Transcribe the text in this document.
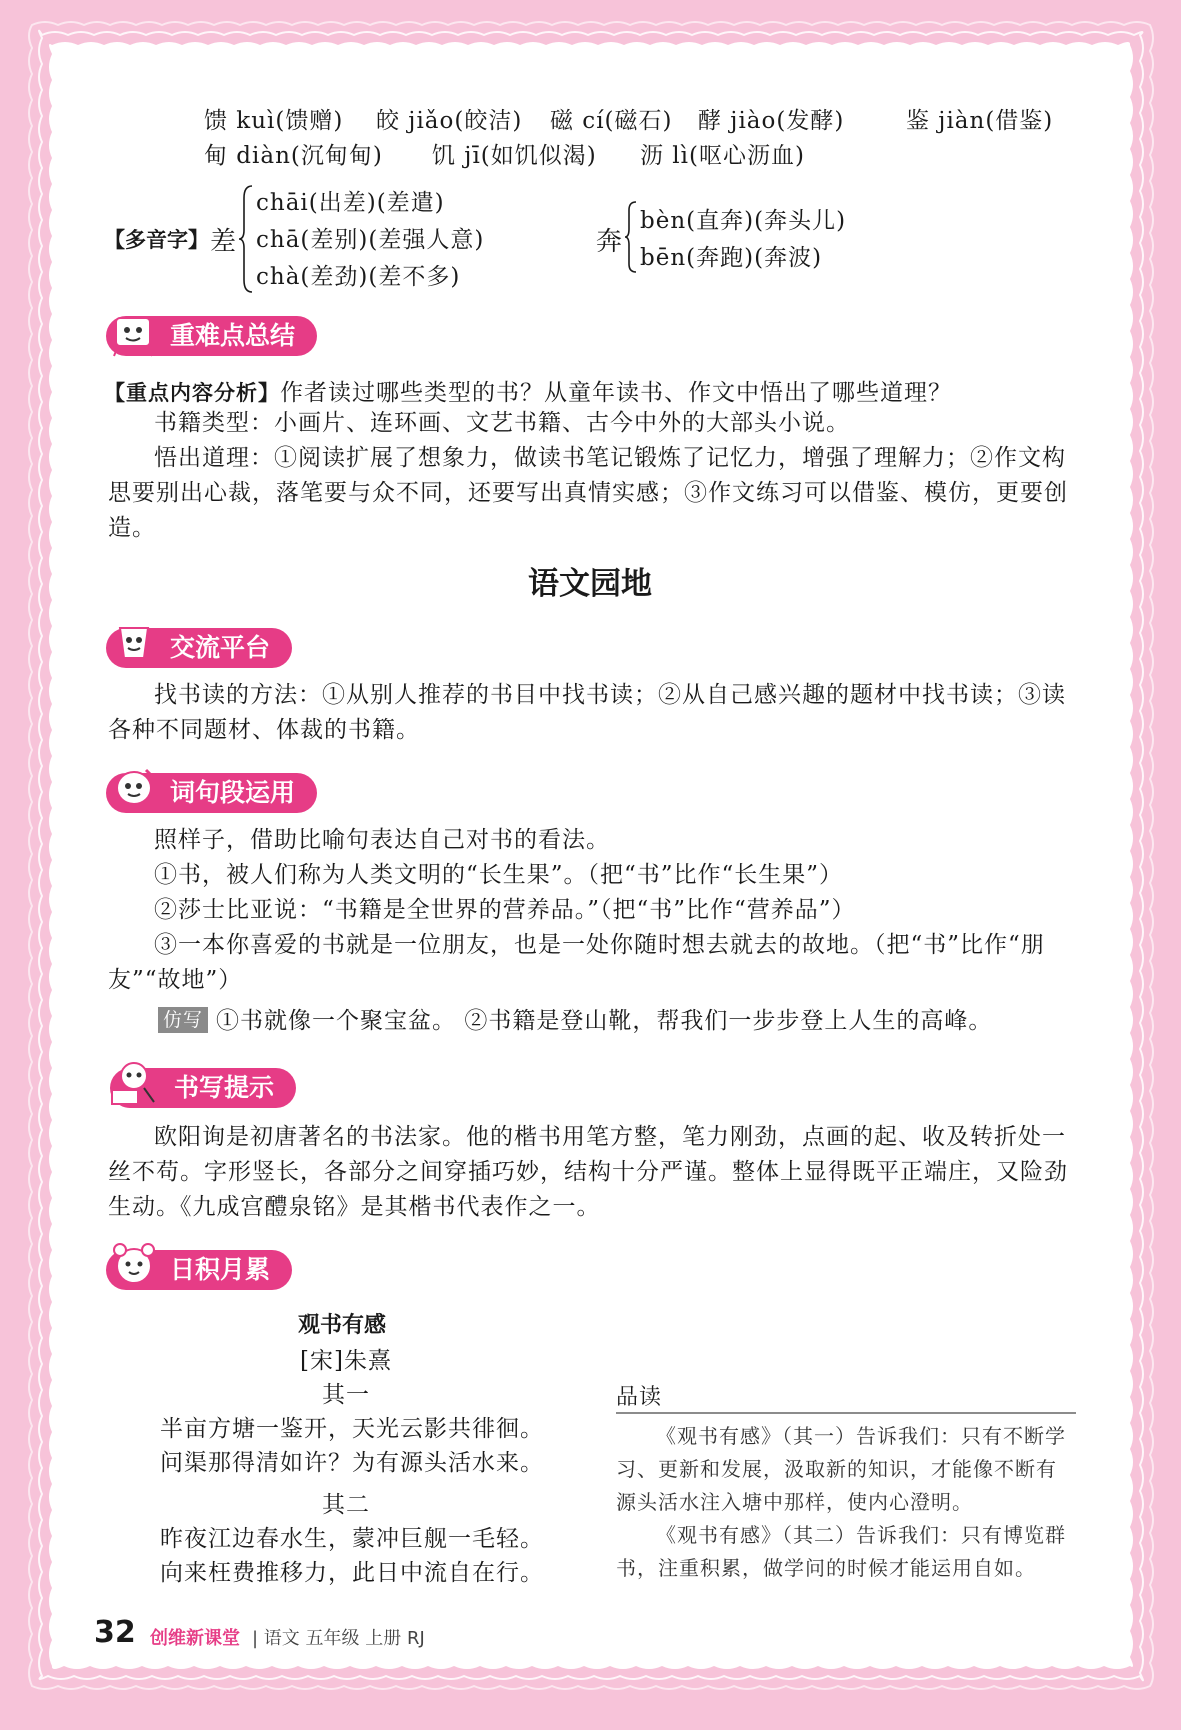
馈 kuì(馈赠) 皎 jiǎo(皎洁) 磁 cí(磁石) 酵 jiào(发酵)	鉴 jiàn(借鉴)
甸 diàn(沉甸甸) 饥 jī(如饥似渴) 沥 lì(呕心沥血)
【多音字】 差
chāi(出差)(差遣)
chā(差别)(差强人意)
chà(差劲)(差不多)
奔
bèn(直奔)(奔头儿)
bēn(奔跑)(奔波)
重难点总结
【重点内容分析】作者读过哪些类型的书？从童年读书、作文中悟出了哪些道理？
书籍类型：小画片、连环画、文艺书籍、古今中外的大部头小说。
悟出道理：①阅读扩展了想象力，做读书笔记锻炼了记忆力，增强了理解力；②作文构思要别出心裁，落笔要与众不同，还要写出真情实感；③作文练习可以借鉴、模仿，更要创造。
语文园地
交流平台
找书读的方法：①从别人推荐的书目中找书读；②从自己感兴趣的题材中找书读；③读各种不同题材、体裁的书籍。
词句段运用
照样子，借助比喻句表达自己对书的看法。
①书，被人们称为人类文明的“长生果”。（把“书”比作“长生果”）
②莎士比亚说：“书籍是全世界的营养品。”（把“书”比作“营养品”）
③一本你喜爱的书就是一位朋友，也是一处你随时想去就去的故地。（把“书”比作“朋友”“故地”）
仿写 ①书就像一个聚宝盆。 ②书籍是登山靴，帮我们一步步登上人生的高峰。
书写提示
欧阳询是初唐著名的书法家。他的楷书用笔方整，笔力刚劲，点画的起、收及转折处一丝不苟。字形竖长，各部分之间穿插巧妙，结构十分严谨。整体上显得既平正端庄，又险劲生动。《九成宫醴泉铭》是其楷书代表作之一。
日积月累
观书有感
[宋]朱熹
其一
半亩方塘一鉴开，天光云影共徘徊。
问渠那得清如许？为有源头活水来。
其二
昨夜江边春水生，蒙冲巨舰一毛轻。
向来枉费推移力，此日中流自在行。
品读

《观书有感》（其一）告诉我们：只有不断学习、更新和发展，汲取新的知识，才能像不断有源头活水注入塘中那样，使内心澄明。

《观书有感》（其二）告诉我们：只有博览群书，注重积累，做学问的时候才能运用自如。

32 创维新课堂 | 语文 五年级 上册 RJ
